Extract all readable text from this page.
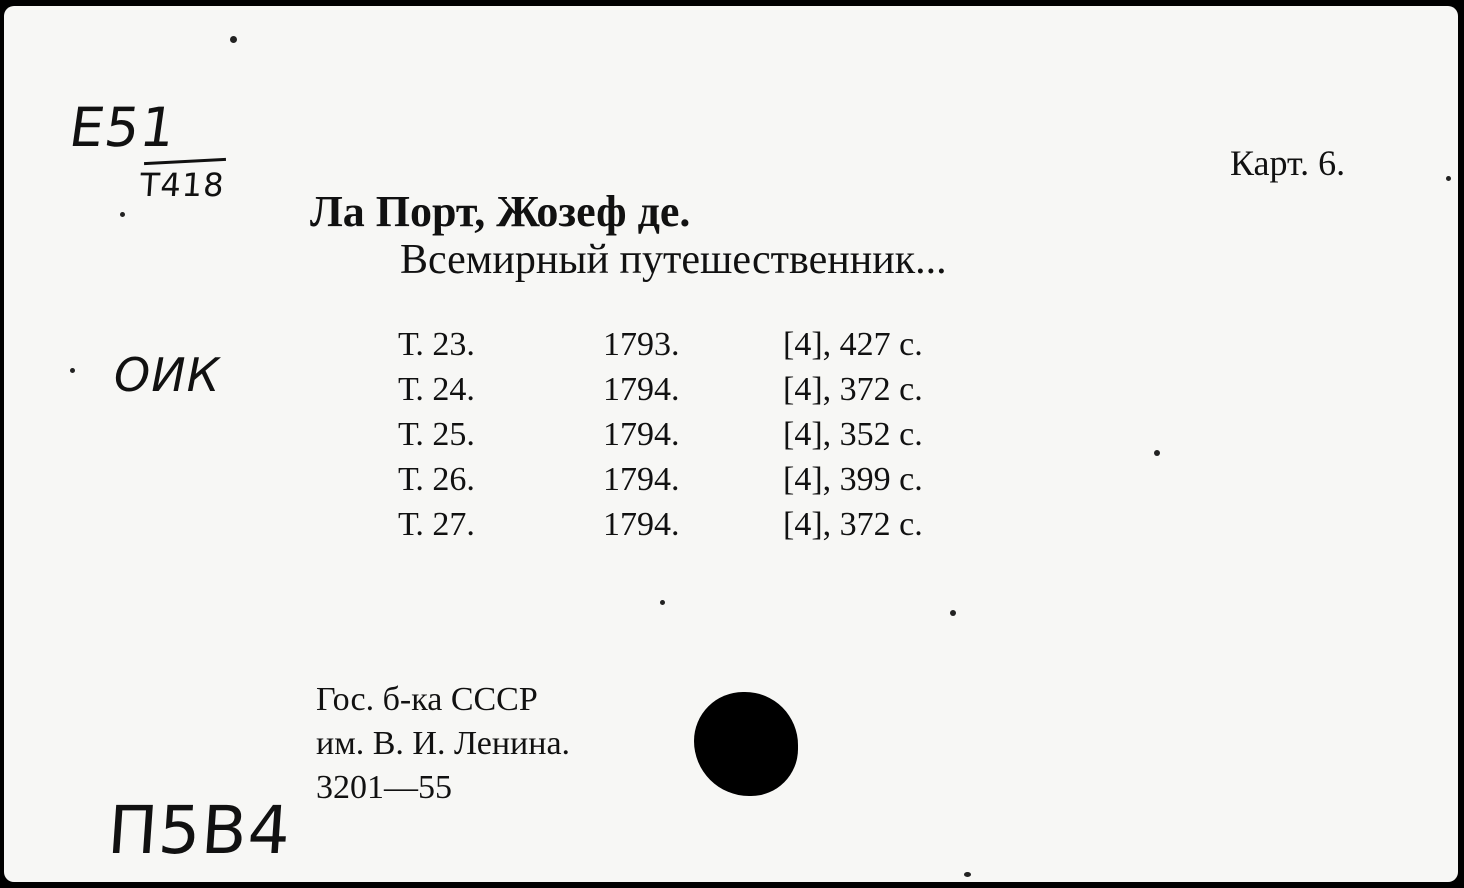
E51
Т418
ОИК
П5В4
Карт. 6.
Ла Порт, Жозеф де.
Всемирный путешественник...
Т. 23.	1793.	[4], 427 с.
Т. 24.	1794.	[4], 372 с.
Т. 25.	1794.	[4], 352 с.
Т. 26.	1794.	[4], 399 с.
Т. 27.	1794.	[4], 372 с.
Гос. б-ка СССР
им. В. И. Ленина.
3201—55
